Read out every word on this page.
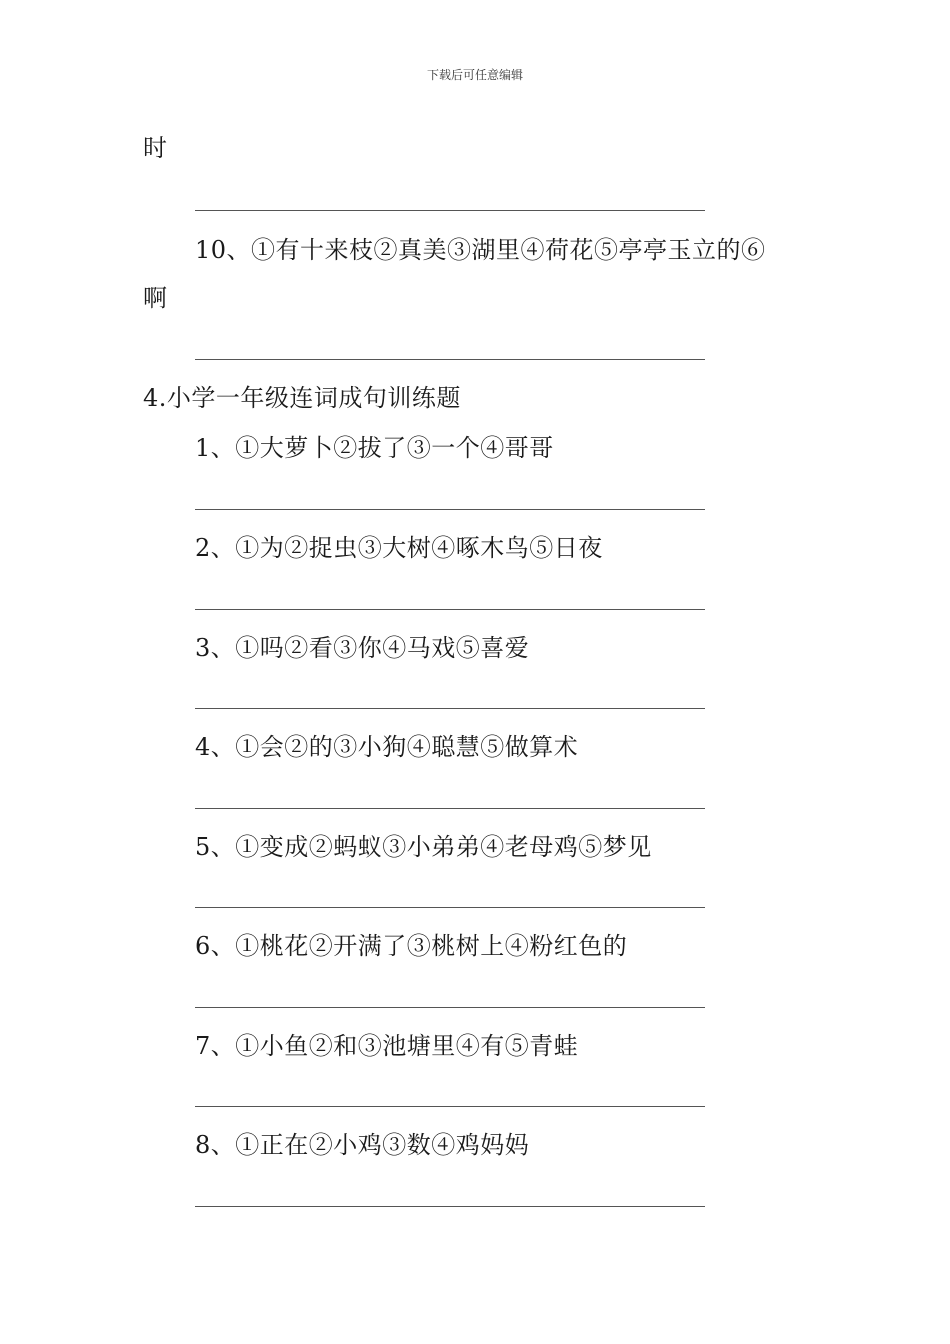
下载后可任意编辑
时
10、①有十来枝②真美③湖里④荷花⑤亭亭玉立的⑥
啊
4.小学一年级连词成句训练题
1、①大萝卜②拔了③一个④哥哥
2、①为②捉虫③大树④啄木鸟⑤日夜
3、①吗②看③你④马戏⑤喜爱
4、①会②的③小狗④聪慧⑤做算术
5、①变成②蚂蚁③小弟弟④老母鸡⑤梦见
6、①桃花②开满了③桃树上④粉红色的
7、①小鱼②和③池塘里④有⑤青蛙
8、①正在②小鸡③数④鸡妈妈
